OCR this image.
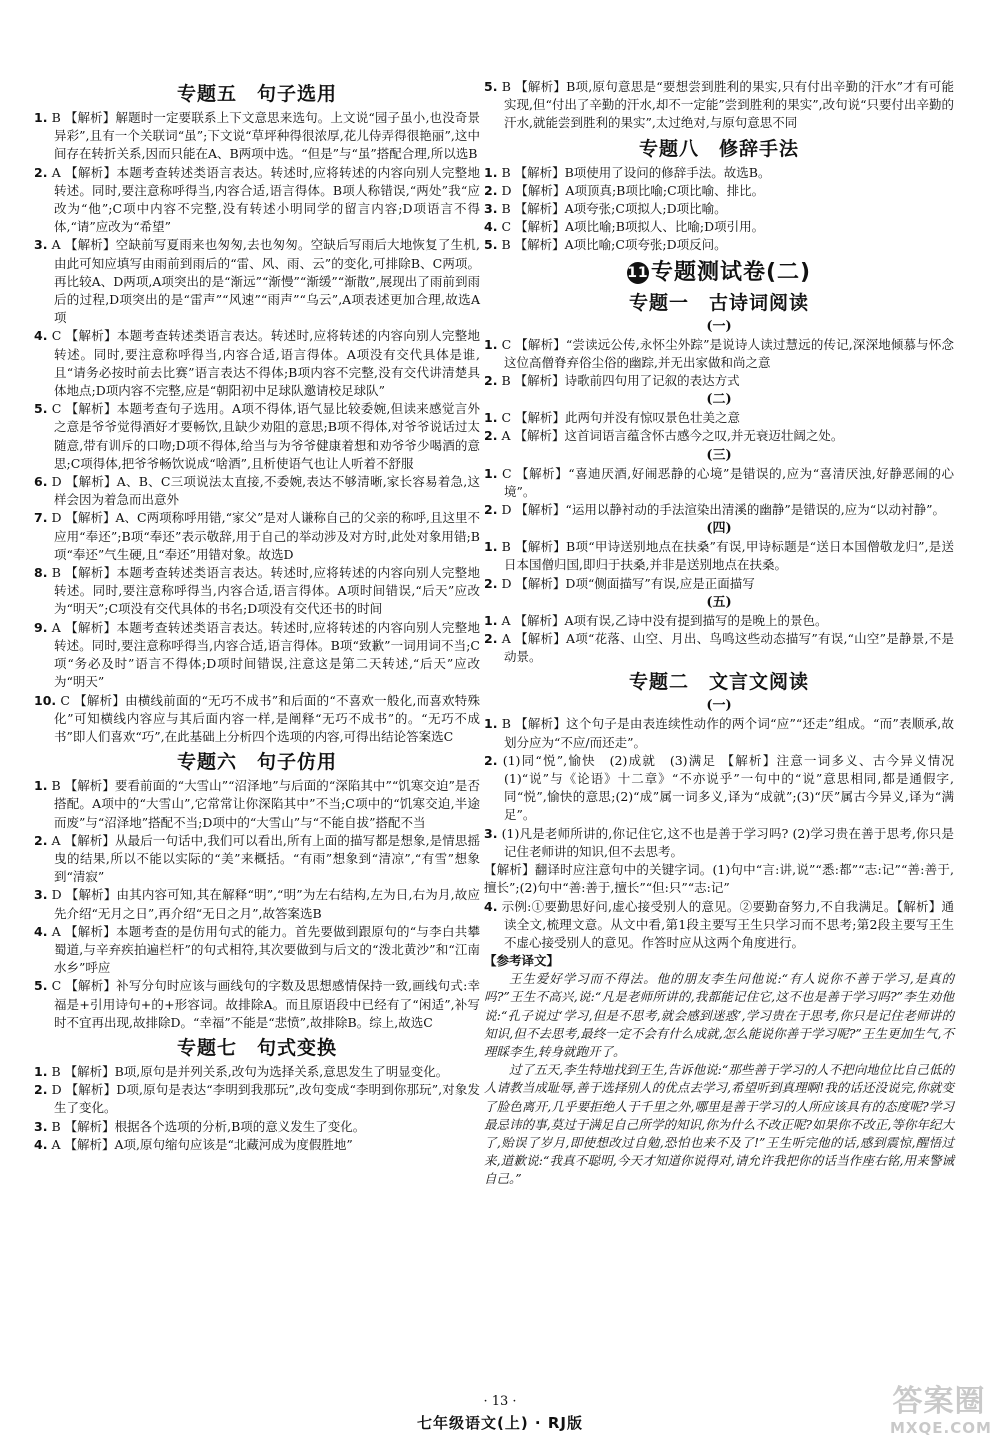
专题五　句子选用

1. B 【解析】解题时一定要联系上下文意思来选句。上文说“园子虽小,也没奇景异彩”,且有一个关联词“虽”;下文说“草坪种得很浓厚,花儿侍弄得很艳丽”,这中间存在转折关系,因而只能在A、B两项中选。“但是”与“虽”搭配合理,所以选B

2. A 【解析】本题考查转述类语言表达。转述时,应将转述的内容向别人完整地转述。同时,要注意称呼得当,内容合适,语言得体。B项人称错误,“两处”我“应改为“他”;C项中内容不完整,没有转述小明同学的留言内容;D项语言不得体,“请”应改为“希望”

3. A 【解析】空缺前写夏雨来也匆匆,去也匆匆。空缺后写雨后大地恢复了生机,由此可知应填写由雨前到雨后的“雷、风、雨、云”的变化,可排除B、C两项。再比较A、D两项,A项突出的是“渐远”“渐慢”“渐缓”“渐散”,展现出了雨前到雨后的过程,D项突出的是“雷声”“风速”“雨声”“乌云”,A项表述更加合理,故选A项

4. C 【解析】本题考查转述类语言表达。转述时,应将转述的内容向别人完整地转述。同时,要注意称呼得当,内容合适,语言得体。A项没有交代具体是谁,且“请务必按时前去比赛”语言表达不得体;B项内容不完整,没有交代讲清楚具体地点;D项内容不完整,应是“朝阳初中足球队邀请校足球队”

5. C 【解析】本题考查句子选用。A项不得体,语气显比较委婉,但读来感觉言外之意是爷爷觉得酒好才要畅饮,且缺少劝阻的意思;B项不得体,对爷爷说话过太随意,带有训斥的口吻;D项不得体,给当与为爷爷健康着想和劝爷爷少喝酒的意思;C项得体,把爷爷畅饮说成“啥酒”,且析使语气也让人听着不舒服

6. D 【解析】A、B、C三项说法太直接,不委婉,表达不够清晰,家长容易着急,这样会因为着急而出意外

7. D 【解析】A、C两项称呼用错,“家父”是对人谦称自己的父亲的称呼,且这里不应用“奉还”;B项“奉还”表示敬辞,用于自己的举动涉及对方时,此处对象用错;B项“奉还”气生硬,且“奉还”用错对象。故选D

8. B 【解析】本题考查转述类语言表达。转述时,应将转述的内容向别人完整地转述。同时,要注意称呼得当,内容合适,语言得体。A项时间错误,“后天”应改为“明天”;C项没有交代具体的书名;D项没有交代还书的时间

9. A 【解析】本题考查转述类语言表达。转述时,应将转述的内容向别人完整地转述。同时,要注意称呼得当,内容合适,语言得体。B项“致歉”一词用词不当;C项“务必及时”语言不得体;D项时间错误,注意这是第二天转述,“后天”应改为“明天”

10. C 【解析】由横线前面的“无巧不成书”和后面的“不喜欢一般化,而喜欢特殊化”可知横线内容应与其后面内容一样,是阐释“无巧不成书”的。“无巧不成书”即人们喜欢“巧”,在此基础上分析四个选项的内容,可得出结论答案选C

专题六　句子仿用

1. B 【解析】要看前面的“大雪山”“沼泽地”与后面的“深陷其中”“饥寒交迫”是否搭配。A项中的“大雪山”,它常常让你深陷其中”不当;C项中的“饥寒交迫,半途而废”与“沼泽地”搭配不当;D项中的“大雪山”与“不能自拔”搭配不当

2. A 【解析】从最后一句话中,我们可以看出,所有上面的描写都是想象,是情思摇曳的结果,所以不能以实际的“美”来概括。“有雨”想象到“清凉”,“有雪”想象到“清寂”

3. D 【解析】由其内容可知,其在解释“明”,“明”为左右结构,左为日,右为月,故应先介绍“无月之日”,再介绍“无日之月”,故答案选B

4. A 【解析】本题考查的是仿用句式的能力。首先要做到跟原句的“与李白共攀蜀道,与辛弃疾拍遍栏杆”的句式相符,其次要做到与后文的“泼北黄沙”和“江南水乡”呼应

5. C 【解析】补写分句时应该与画线句的字数及思想感情保持一致,画线句式:幸福是+引用诗句+的+形容词。故排除A。而且原语段中已经有了“闲适”,补写时不宜再出现,故排除D。“幸福”不能是“悲愤”,故排除B。综上,故选C

专题七　句式变换

1. B 【解析】B项,原句是并列关系,改句为选择关系,意思发生了明显变化。

2. D 【解析】D项,原句是表达“李明到我那玩”,改句变成“李明到你那玩”,对象发生了变化。

3. B 【解析】根据各个选项的分析,B项的意义发生了变化。

4. A 【解析】A项,原句缩句应该是“北藏河成为度假胜地”

5. B 【解析】B项,原句意思是“要想尝到胜利的果实,只有付出辛勤的汗水”才有可能实现,但“付出了辛勤的汗水,却不一定能”尝到胜利的果实”,改句说“只要付出辛勤的汗水,就能尝到胜利的果实”,太过绝对,与原句意思不同

专题八　修辞手法

1. B 【解析】B项使用了设问的修辞手法。故选B。

2. D 【解析】A项顶真;B项比喻;C项比喻、排比。

3. B 【解析】A项夸张;C项拟人;D项比喻。

4. C 【解析】A项比喻;B项拟人、比喻;D项引用。

5. B 【解析】A项比喻;C项夸张;D项反问。

11 专题测试卷(二)
专题一　古诗词阅读
(一)

1. C 【解析】“尝读远公传,永怀尘外踪”是说诗人读过慧远的传记,深深地倾慕与怀念这位高僧脊弃俗尘俗的幽踪,并无出家做和尚之意

2. B 【解析】诗歌前四句用了记叙的表达方式

(二)

1. C 【解析】此两句并没有惊叹景色壮美之意

2. A 【解析】这首词语言蕴含怀古感今之叹,并无衰迈壮阔之处。

(三)

1. C 【解析】“喜迪厌酒,好闹恶静的心境”是错误的,应为“喜清厌浊,好静恶闹的心境”。

2. D 【解析】“运用以静衬动的手法渲染出清溪的幽静”是错误的,应为“以动衬静”。

(四)

1. B 【解析】B项“甲诗送别地点在扶桑”有误,甲诗标题是“送日本国僧敬龙归”,是送日本国僧归国,即归于扶桑,并非是送别地点在扶桑。

2. D 【解析】D项“侧面描写”有误,应是正面描写

(五)

1. A 【解析】A项有误,乙诗中没有提到描写的是晚上的景色。

2. A 【解析】A项“花落、山空、月出、鸟鸣这些动态描写”有误,“山空”是静景,不是动景。

专题二　文言文阅读
(一)

1. B 【解析】这个句子是由表连续性动作的两个词“应”“还走”组成。“而”表顺承,故划分应为“不应/而还走”。

2. (1)同“悦”,愉快　(2)成就　(3)满足 【解析】注意一词多义、古今异义情况　(1)“说”与《论语》十二章》“不亦说乎”一句中的“说”意思相同,都是通假字,同“悦”,愉快的意思;(2)“成”属一词多义,译为“成就”;(3)“厌”属古今异义,译为“满足”。

3. (1)凡是老师所讲的,你记住它,这不也是善于学习吗? (2)学习贵在善于思考,你只是记住老师讲的知识,但不去思考。

【解析】翻译时应注意句中的关键字词。(1)句中“言:讲,说”“悉:都”“志:记”“善:善于,擅长”;(2)句中“善:善于,擅长”“但:只”“志:记”

4. 示例:①要勤思好问,虚心接受别人的意见。②要勤奋努力,不自我满足。【解析】通读全文,梳理文意。从文中看,第1段主要写王生只学习而不思考;第2段主要写王生不虚心接受别人的意见。作答时应从这两个角度进行。

【参考译文】

王生爱好学习而不得法。他的朋友李生问他说:“有人说你不善于学习,是真的吗?”王生不高兴,说:“凡是老师所讲的,我都能记住它,这不也是善于学习吗?”李生劝他说:“孔子说过‘学习,但是不思考,就会感到迷惑’,学习贵在于思考,你只是记住老师讲的知识,但不去思考,最终一定不会有什么成就,怎么能说你善于学习呢?”王生更加生气,不理睬李生,转身就跑开了。

过了五天,李生特地找到王生,告诉他说:“那些善于学习的人不把向地位比自己低的人请教当成耻辱,善于选择别人的优点去学习,希望听到真理啊!我的话还没说完,你就变了脸色离开,几乎要拒绝人于千里之外,哪里是善于学习的人所应该具有的态度呢?学习最忌讳的事,莫过于满足自己所学的知识,你为什么不改正呢?如果你不改正,等你年纪大了,贻误了岁月,即使想改过自勉,恐怕也来不及了!”王生听完他的话,感到震惊,醒悟过来,道歉说:“我真不聪明,今天才知道你说得对,请允许我把你的话当作座右铭,用来警诫自己。”

· 13 ·
七年级语文(上) · RJ版
答案圈
MXQE.COM
